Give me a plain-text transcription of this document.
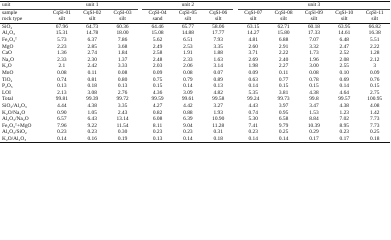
unit	unit 1				unit 2				unit 3				
sample	CqSl-01	CqSl-02	CqSl-03		CqSl-04	CqSl-05	CqSl-06		CqSl-07	CqSl-08	CqSl-09	CqSl-10	CqSl-11
rock type	silt	silt	silt		sand	silt	silt		silt	silt	silt	silt	silt
SiO₂	67.96	64.73	60.36		64.46	65.77	58.06		63.15	62.71	60.18	63.95	66.82
Al₂O₃	15.31	14.78	18.00		15.08	14.88	17.77		14.27	15.80	17.33	14.61	16.38
Fe₂O₃ᵀ	5.73	6.37	7.86		5.62	6.51	7.93		4.81	6.88	7.07	6.48	5.51
MgO	2.23	2.85	3.68		2.49	2.53	3.35		2.60	2.91	3.32	2.47	2.22
CaO	1.36	2.74	1.84		2.58	1.91	1.88		3.71	2.22	1.73	2.52	1.28
Na₂O	2.33	2.30	1.37		2.48	2.33	1.63		2.69	2.40	1.96	2.08	2.12
K₂O	2.1	2.42	3.33		2.03	2.06	3.14		1.98	2.27	3.00	2.55	3
MnO	0.08	0.11	0.08		0.09	0.08	0.07		0.09	0.11	0.08	0.10	0.09
TiO₂	0.74	0.81	0.80		0.75	0.79	0.89		0.63	0.77	0.78	0.69	0.76
P₂O₅	0.13	0.18	0.13		0.15	0.14	0.13		0.14	0.15	0.15	0.14	0.15
LOI	2.13	3.08	2.76		4.36	3.09	4.82		5.35	3.81	4.38	4.64	2.75
Total	99.81	99.39	99.72		99.59	99.61	99.58		99.24	99.73	99.8	99.57	100.95
SiO₂/Al₂O₃	4.44	4.38	3.35		4.27	4.42	3.27		4.43	3.97	3.47	4.38	4.08
K₂O/Na₂O	0.90	1.05	2.43		0.82	0.88	1.93		0.74	0.95	1.53	1.23	1.42
Al₂O₃/Na₂O	6.57	6.43	13.14		6.08	6.39	10.90		5.30	6.58	8.84	7.02	7.73
Fe₂O₃ᵀ+MgO	7.96	9.22	11.54		8.11	9.04	11.28		7.41	9.79	10.39	8.95	7.73
Al₂O₃/SiO₂	0.23	0.23	0.30		0.23	0.23	0.31		0.23	0.25	0.29	0.23	0.25
K₂O/Al₂O₃	0.14	0.16	0.19		0.13	0.14	0.18		0.14	0.14	0.17	0.17	0.18
